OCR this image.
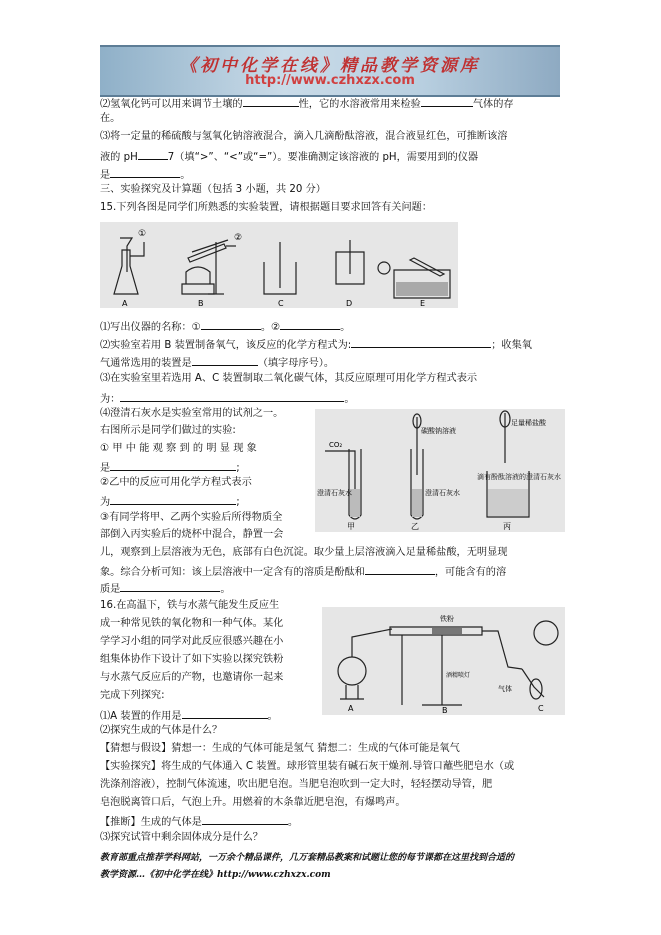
《初中化学在线》精品教学资源库
http://www.czhxzx.com
⑵氢氧化钙可以用来调节土壤的	性，它的水溶液常用来检验	气体的存
在。
⑶将一定量的稀硫酸与氢氧化钠溶液混合，滴入几滴酚酞溶液，混合液显红色，可推断该溶
液的 pH	7（填“>”、“<”或“=”）。要准确测定该溶液的 pH，需要用到的仪器
是	。
三、实验探究及计算题（包括 3 小题，共 20 分）
15.下列各图是同学们所熟悉的实验装置，请根据题目要求回答有关问题：
①	②
A	B	C	D	E
⑴写出仪器的名称：①	。②	。
⑵实验室若用 B 装置制备氧气，该反应的化学方程式为:	；收集氧
气通常选用的装置是	（填字母序号）。
⑶在实验室里若选用 A、C 装置制取二氧化碳气体，其反应原理可用化学方程式表示
为：	。
⑷澄清石灰水是实验室常用的试剂之一。
右图所示是同学们做过的实验:
① 甲 中 能 观 察 到 的 明 显 现 象
是	;
②乙中的反应可用化学方程式表示
为	;
③有同学将甲、乙两个实验后所得物质全
部倒入丙实验后的烧杯中混合，静置一会
儿，观察到上层溶液为无色，底部有白色沉淀。取少量上层溶液滴入足量稀盐酸，无明显现
象。综合分析可知：该上层溶液中一定含有的溶质是酚酞和	，可能含有的溶
质是	。
CO₂
碳酸钠溶液
足量稀盐酸
澄清石灰水	澄清石灰水
滴有酚酞溶液的澄清石灰水
甲	乙	丙
16.在高温下，铁与水蒸气能发生反应生
成一种常见铁的氧化物和一种气体。某化
学学习小组的同学对此反应很感兴趣在小
组集体协作下设计了如下实验以探究铁粉
与水蒸气反应后的产物，也邀请你一起来
完成下列探究:
⑴A 装置的作用是	。
⑵探究生成的气体是什么？
【猜想与假设】猜想一：生成的气体可能是氢气 猜想二：生成的气体可能是氧气
【实验探究】将生成的气体通入 C 装置。球形管里装有碱石灰干燥剂.导管口蘸些肥皂水（或
洗涤剂溶液），控制气体流速，吹出肥皂泡。当肥皂泡吹到一定大时，轻轻摆动导管，肥
皂泡脱离管口后，气泡上升。用燃着的木条靠近肥皂泡，有爆鸣声。
【推断】生成的气体是	。
⑶探究试管中剩余固体成分是什么？
铁粉
酒精喷灯
气体
A	B	C
教育部重点推荐学科网站，一万余个精品课件，几万套精品教案和试题让您的每节课都在这里找到合适的
教学资源…《初中化学在线》http://www.czhxzx.com
